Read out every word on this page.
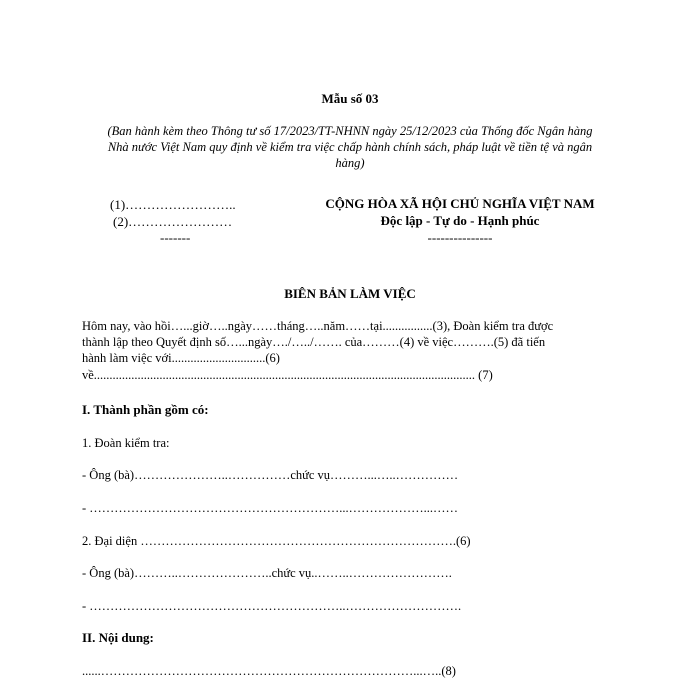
Mẫu số 03
(Ban hành kèm theo Thông tư số 17/2023/TT-NHNN ngày 25/12/2023 của Thống đốc Ngân hàng
Nhà nước Việt Nam quy định về kiểm tra việc chấp hành chính sách, pháp luật về tiền tệ và ngân
hàng)
(1)……………………..
(2)……………………
-------
CỘNG HÒA XÃ HỘI CHỦ NGHĨA VIỆT NAM
Độc lập - Tự do - Hạnh phúc
---------------
BIÊN BẢN LÀM VIỆC
Hôm nay, vào hồi…...giờ…..ngày……tháng…..năm……tại................(3), Đoàn kiểm tra được
thành lập theo Quyết định số…...ngày…./…../……. của………(4) về việc……….(5) đã tiến
hành làm việc với..............................(6)
về.......................................................................................................................... (7)
I. Thành phần gồm có:
1. Đoàn kiểm tra:
- Ông (bà)…………………..……………chức vụ………...…..……………
- ……………………………………………………...………………...……
2. Đại diện ………………………………………………………………….(6)
- Ông (bà)………..…………………..chức vụ..……..…………………….
- ……………………………………………………..……………………….
II. Nội dung:
......…………………………………………………………………...…..(8)
